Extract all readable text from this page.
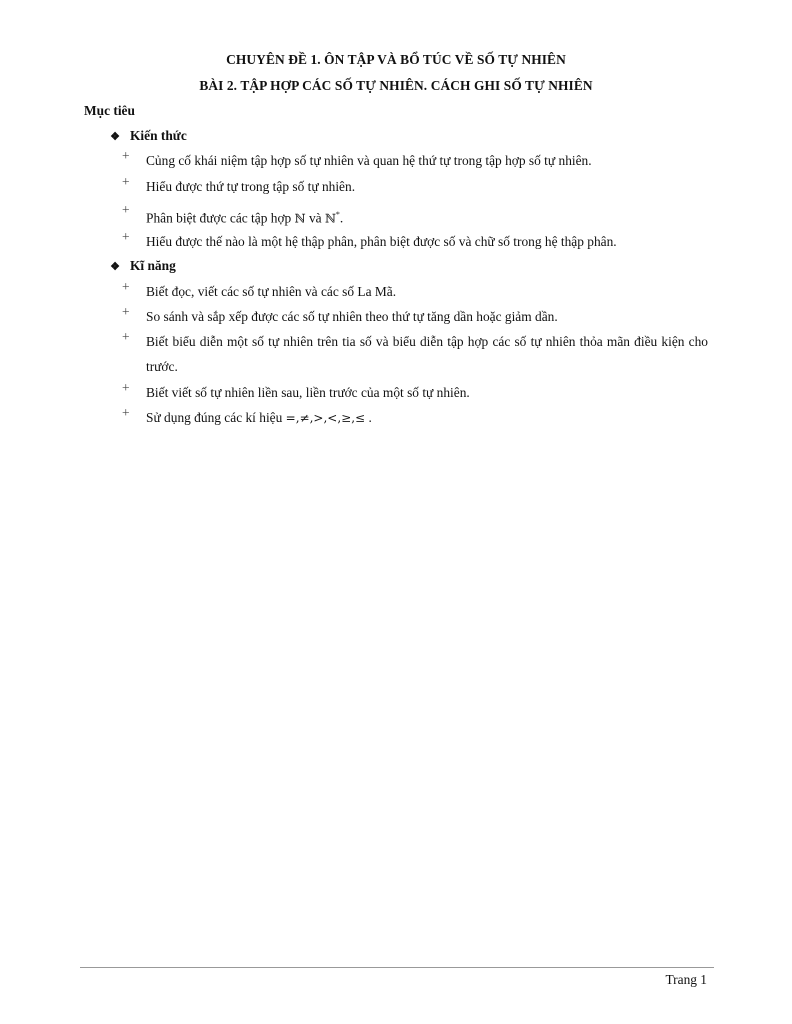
CHUYÊN ĐỀ 1. ÔN TẬP VÀ BỔ TÚC VỀ SỐ TỰ NHIÊN
BÀI 2. TẬP HỢP CÁC SỐ TỰ NHIÊN. CÁCH GHI SỐ TỰ NHIÊN
Mục tiêu
❖ Kiến thức
+	Củng cố khái niệm tập hợp số tự nhiên và quan hệ thứ tự trong tập hợp số tự nhiên.
+	Hiểu được thứ tự trong tập số tự nhiên.
+
Phân biệt được các tập hợp ℕ và ℕ*.
+	Hiểu được thế nào là một hệ thập phân, phân biệt được số và chữ số trong hệ thập phân.
❖ Kĩ năng
+	Biết đọc, viết các số tự nhiên và các số La Mã.
+	So sánh và sắp xếp được các số tự nhiên theo thứ tự tăng dần hoặc giảm dần.
+	Biết biểu diễn một số tự nhiên trên tia số và biểu diễn tập hợp các số tự nhiên thỏa mãn điều kiện cho trước.
+	Biết viết số tự nhiên liền sau, liền trước của một số tự nhiên.
+	Sử dụng đúng các kí hiệu =,≠,>,<,≥,≤ .
Trang 1
